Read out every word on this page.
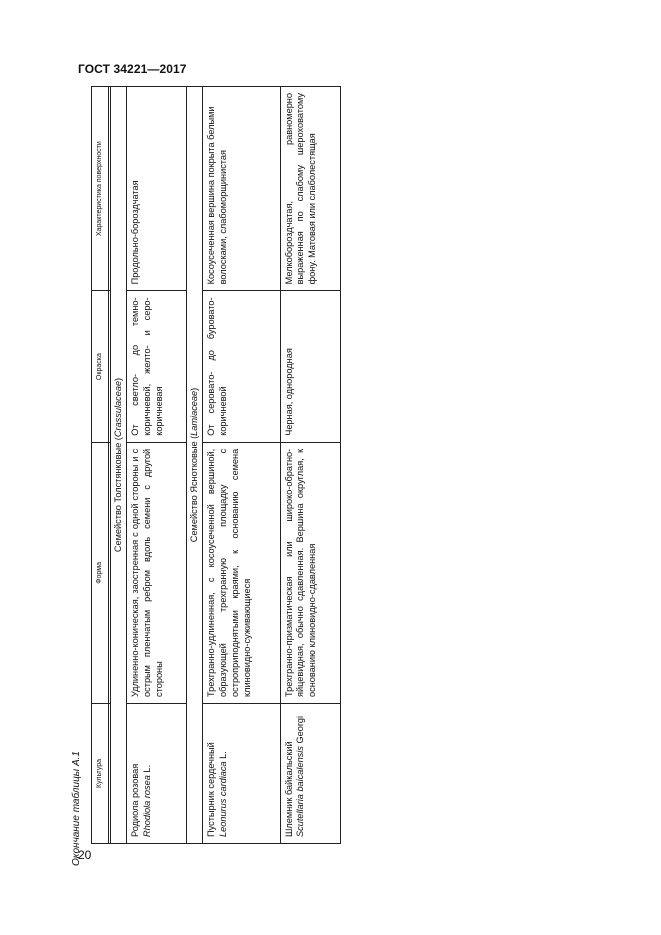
ГОСТ 34221—2017
Окончание таблицы А.1 Культура	Форма	Окраска	Характеристика поверхности

Семейство Толстянковые (Crassulaceae)			
Родиола розовая Rhodiola rosea L.	Удлиненно-коническая, заостренная с одной стороны и с острым пленчатым ребром вдоль семени с другой стороны	От светло- до темно-коричневой, желто- и серо-коричневая	Продольно-бороздчатая
Семейство Яснотковые (Lamiaceae)			
Пустырник сердечный Leonurus cardiaca L.	Трехгранно-удлиненная, с косоусеченной вершиной, образующей трехгранную площадку с остроприподнятыми краями, к основанию семена клиновидно-суживающиеся	От сероватo- до буровато-коричневой	Косоусеченная вершина покрыта белыми волосками, слабоморщинистая
Шлемник байкальский Scutellaria baicalensis Georgi	Трехгранно-призматическая или широко-обратно-яйцевидная, обычно сдавленная. Вершина округлая, к основанию клиновидно-сдавленная	Черная, однородная	Мелкобороздчатая, равномерно выраженная по слабому шероховатому фону. Матовая или слаболестящая
20
